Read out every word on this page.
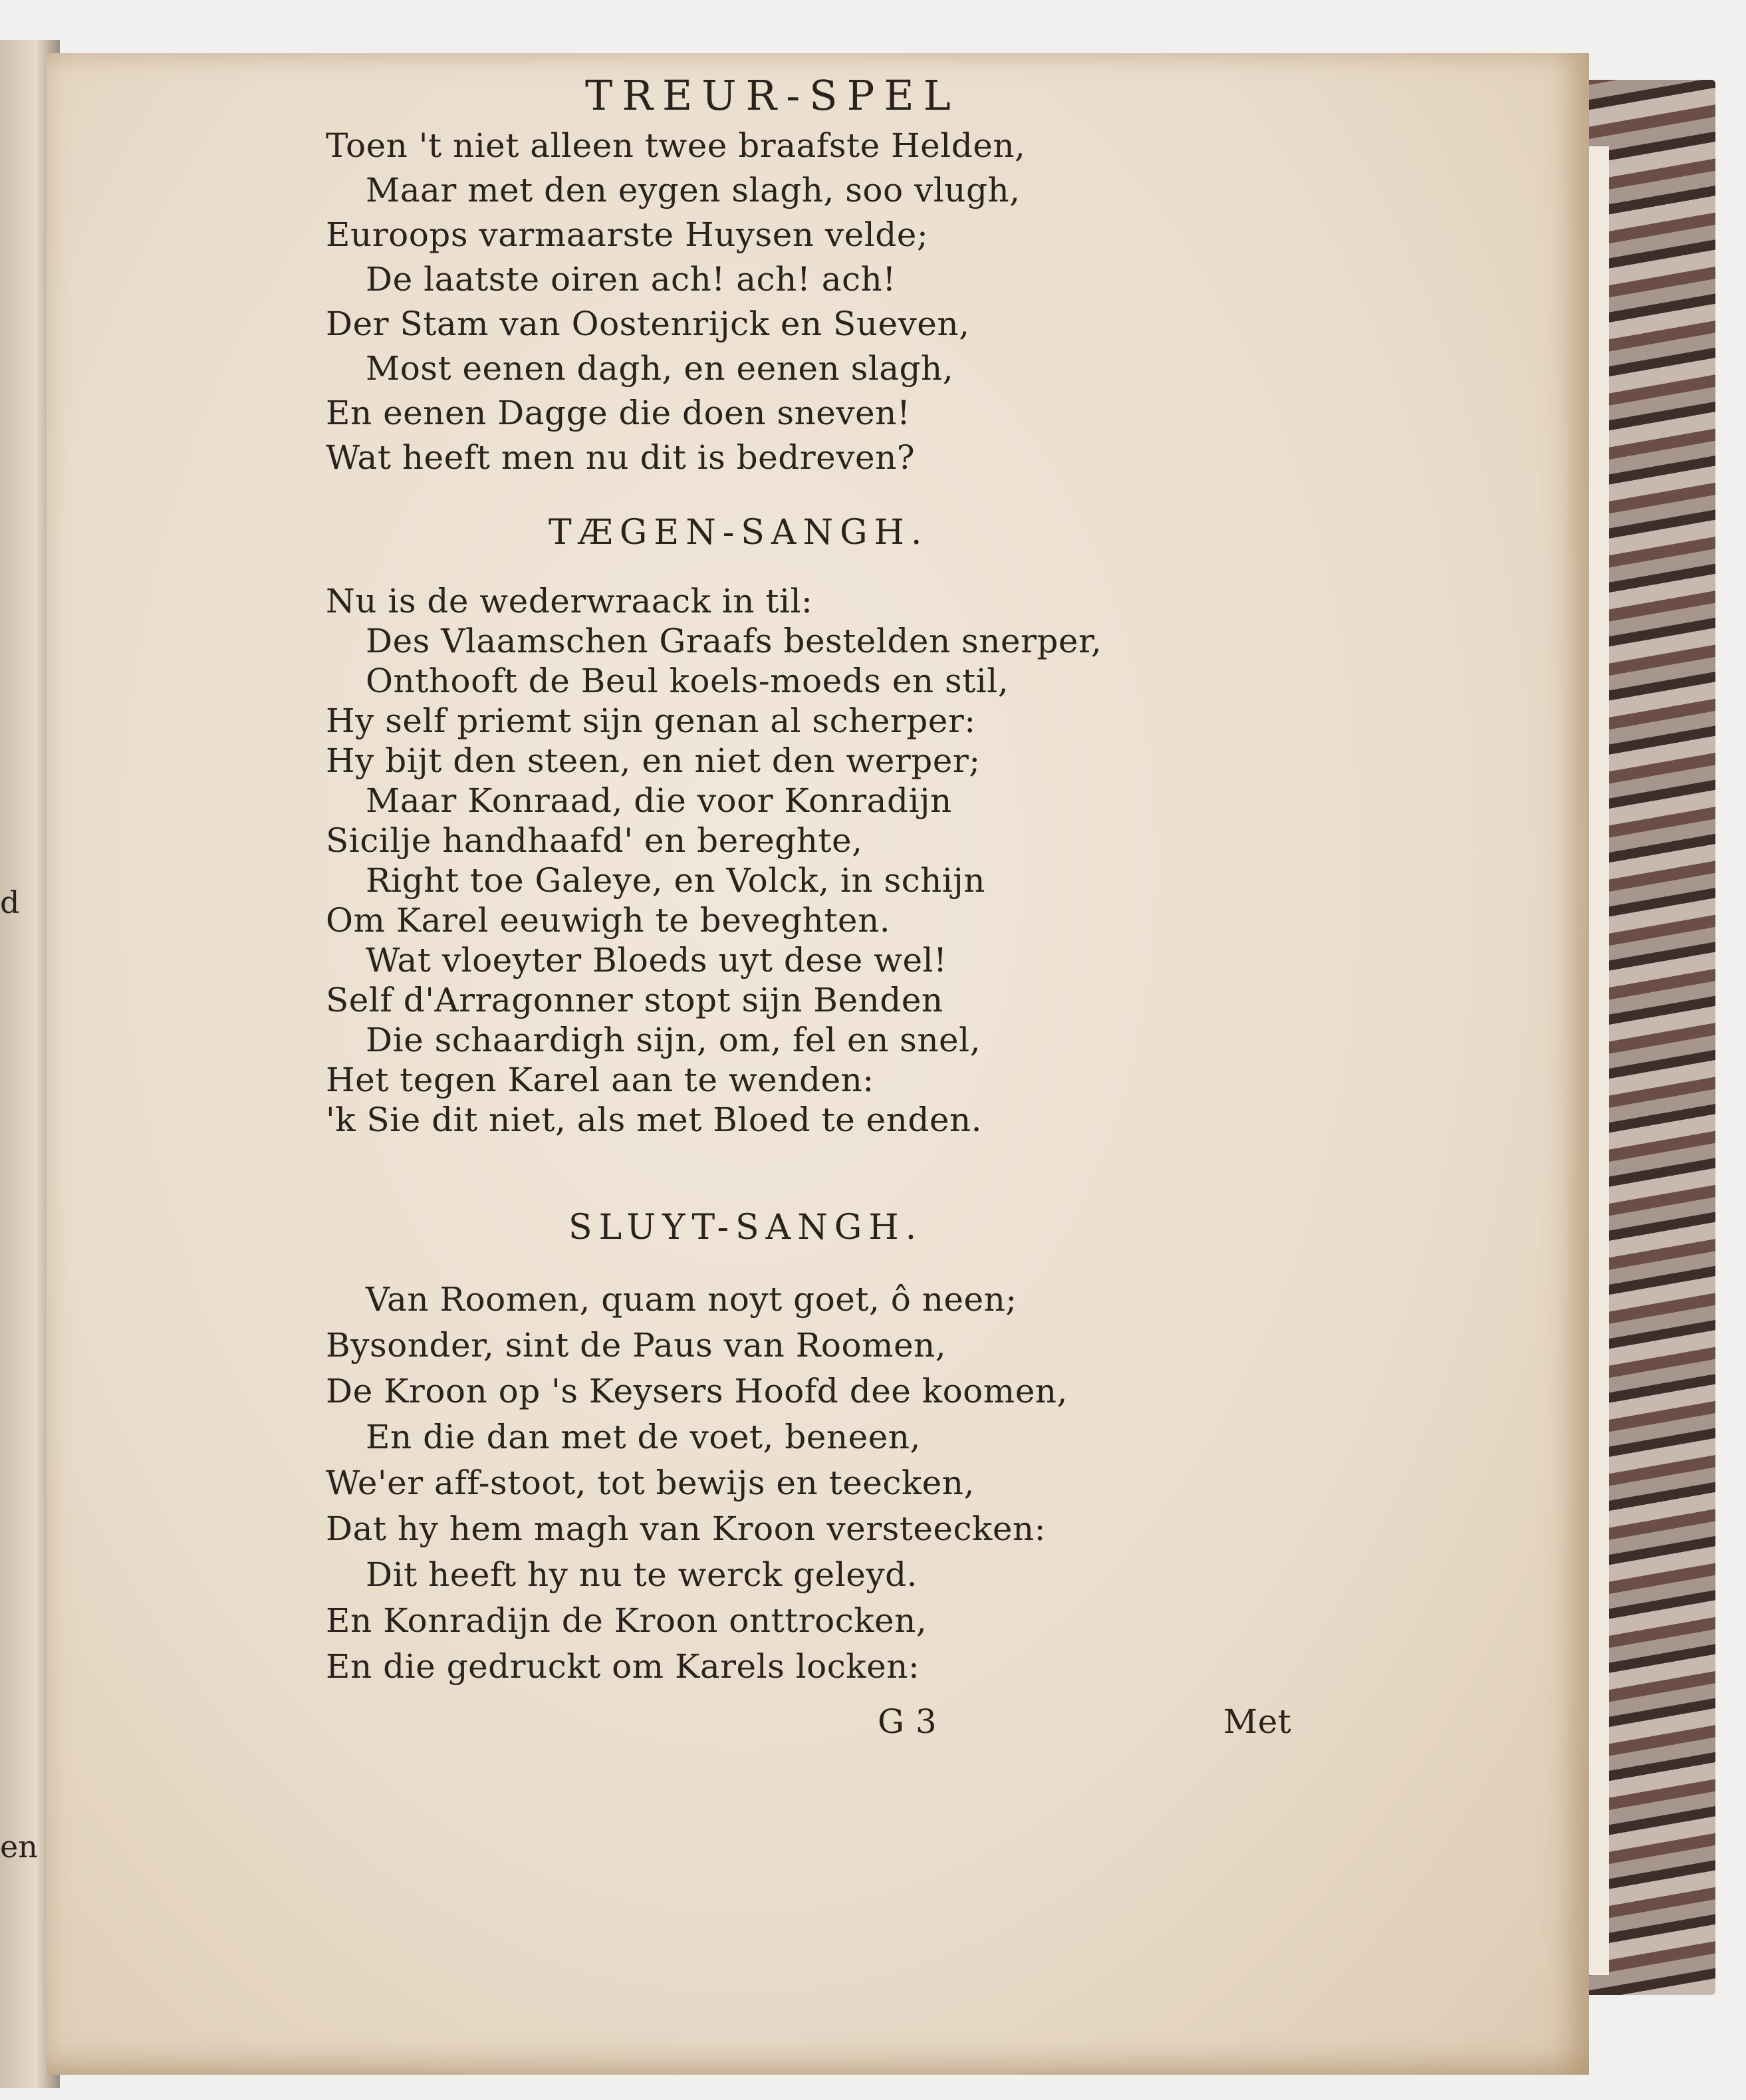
d
en
TREUR-SPEL
Toen 't niet alleen twee braafste Helden,
Maar met den eygen slagh, soo vlugh,
Euroops varmaarste Huysen velde;
De laatste oiren ach! ach! ach!
Der Stam van Oostenrijck en Sueven,
Most eenen dagh, en eenen slagh,
En eenen Dagge die doen sneven!
Wat heeft men nu dit is bedreven?
TÆGEN-SANGH.
Nu is de wederwraack in til:
Des Vlaamschen Graafs bestelden snerper,
Onthooft de Beul koels-moeds en stil,
Hy self priemt sijn genan al scherper:
Hy bijt den steen, en niet den werper;
Maar Konraad, die voor Konradijn
Sicilje handhaafd' en bereghte,
Right toe Galeye, en Volck, in schijn
Om Karel eeuwigh te beveghten.
Wat vloeyter Bloeds uyt dese wel!
Self d'Arragonner stopt sijn Benden
Die schaardigh sijn, om, fel en snel,
Het tegen Karel aan te wenden:
'k Sie dit niet, als met Bloed te enden.
SLUYT-SANGH.
Van Roomen, quam noyt goet, ô neen;
Bysonder, sint de Paus van Roomen,
De Kroon op 's Keysers Hoofd dee koomen,
En die dan met de voet, beneen,
We'er aff-stoot, tot bewijs en teecken,
Dat hy hem magh van Kroon versteecken:
Dit heeft hy nu te werck geleyd.
En Konradijn de Kroon onttrocken,
En die gedruckt om Karels locken:
G 3	Met
